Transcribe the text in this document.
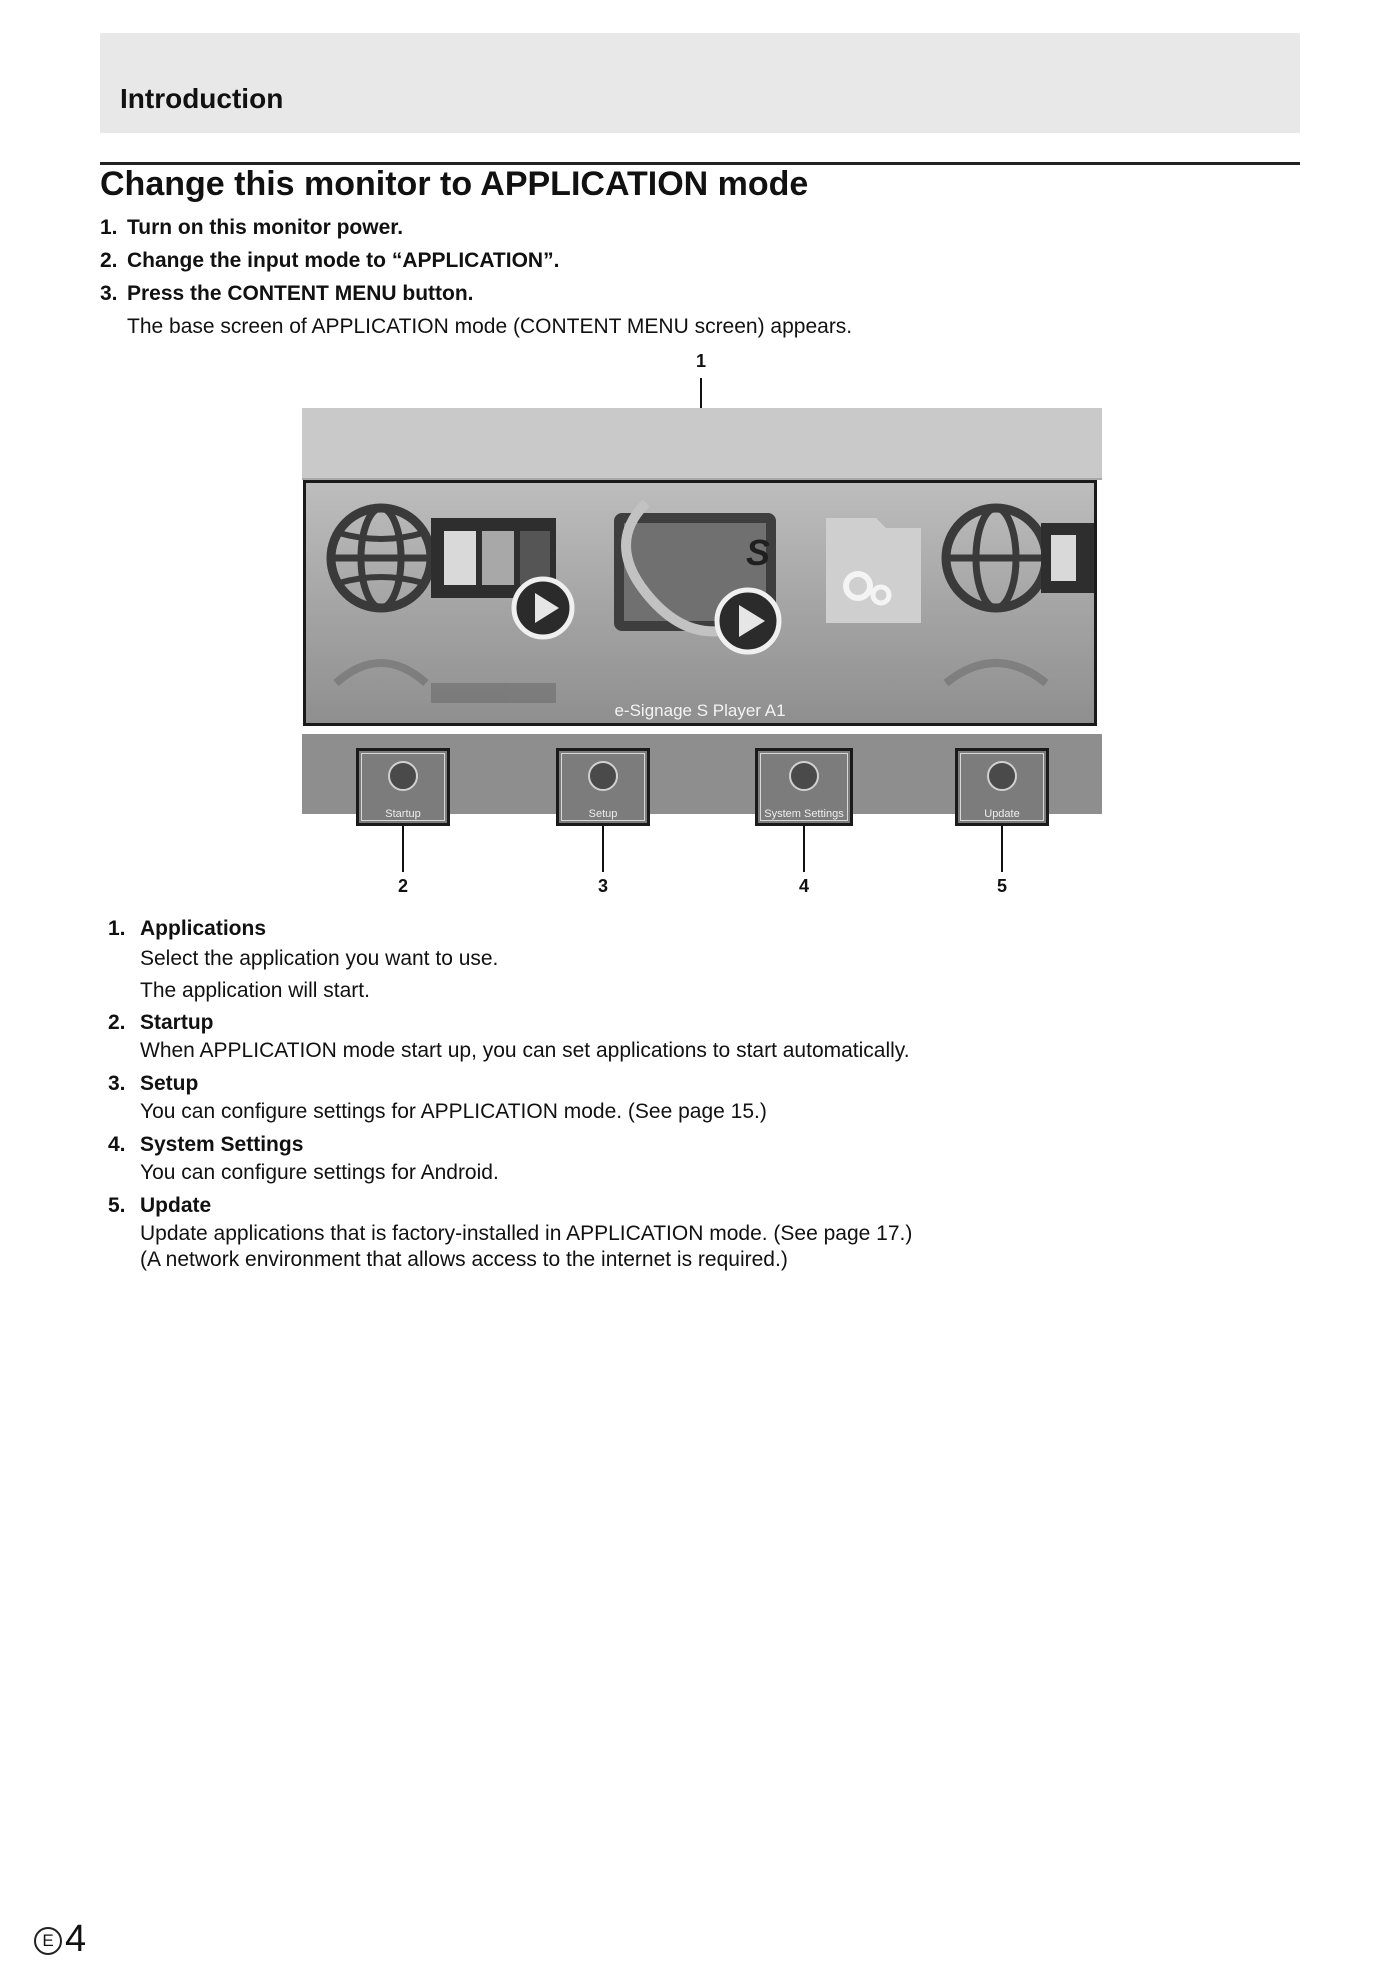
Introduction
Change this monitor to APPLICATION mode
1. Turn on this monitor power.
2. Change the input mode to “APPLICATION”.
3. Press the CONTENT MENU button.
The base screen of APPLICATION mode (CONTENT MENU screen) appears.
1
S
e-Signage S Player A1
Startup	Setup	System Settings	Update
2	3	4	5
1. Applications
Select the application you want to use.
The application will start.
2. Startup
When APPLICATION mode start up, you can set applications to start automatically.
3. Setup
You can configure settings for APPLICATION mode. (See page 15.)
4. System Settings
You can configure settings for Android.
5. Update
Update applications that is factory-installed in APPLICATION mode. (See page 17.)
(A network environment that allows access to the internet is required.)
E 4
